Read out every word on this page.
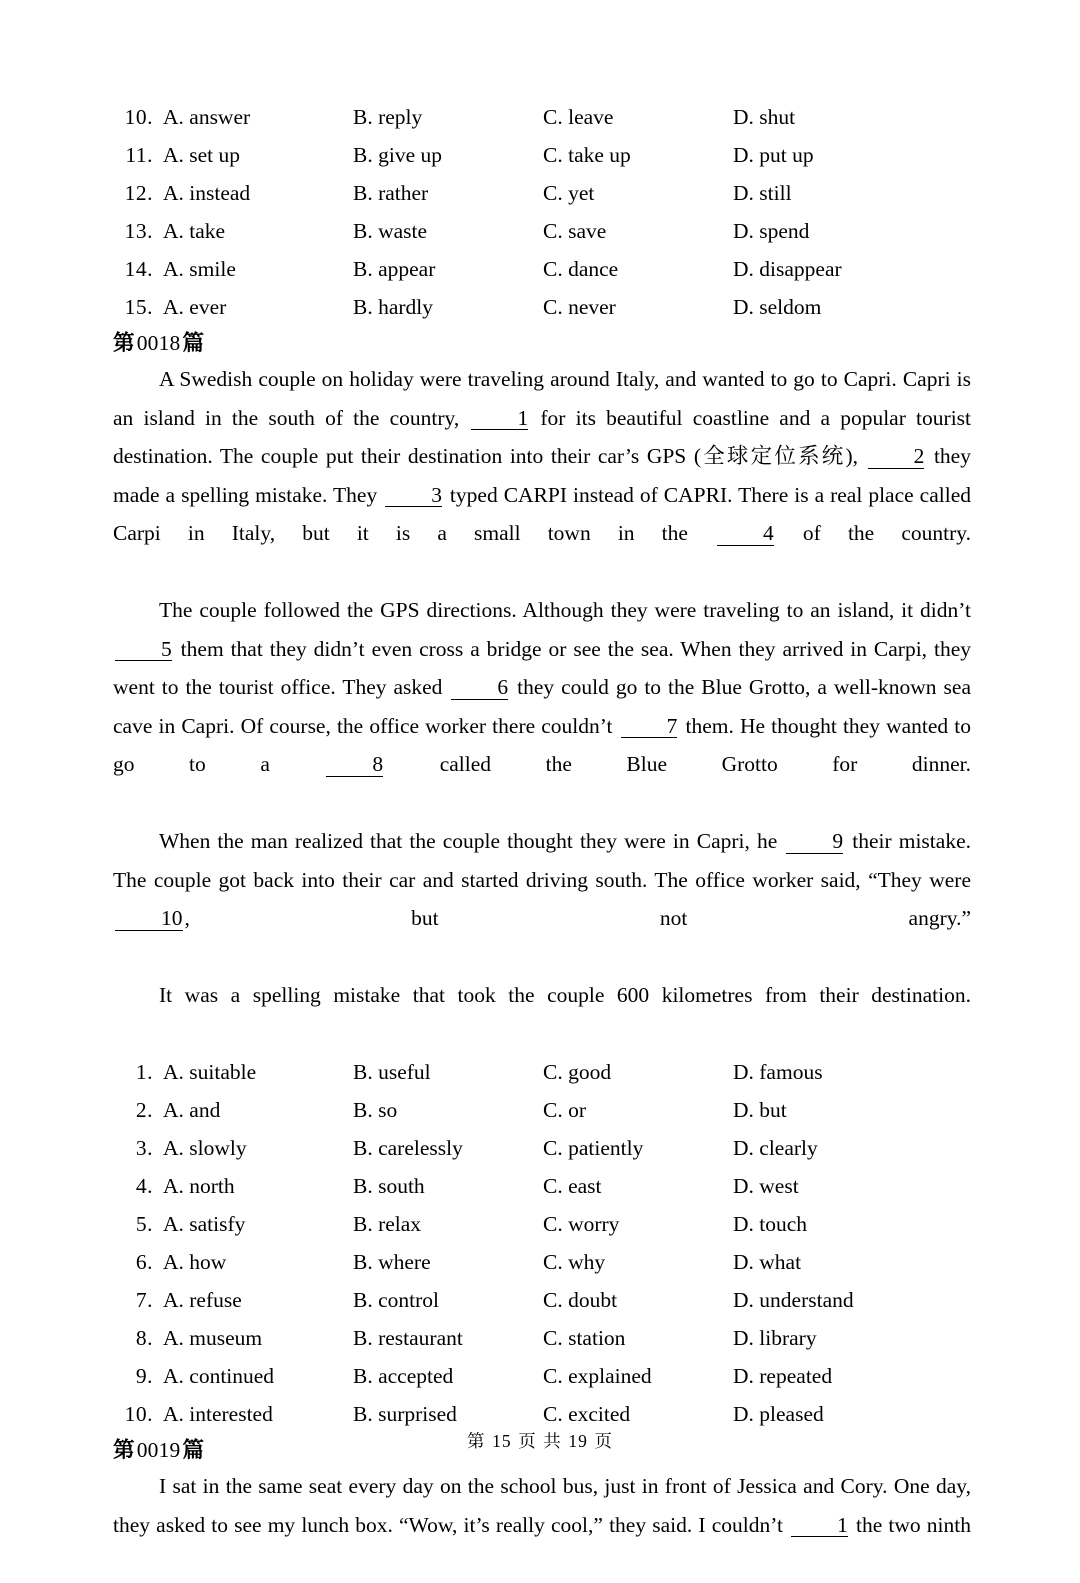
10. A. answer	B. reply	C. leave	D. shut
11. A. set up	B. give up	C. take up	D. put up
12. A. instead	B. rather	C. yet	D. still
13. A. take	B. waste	C. save	D. spend
14. A. smile	B. appear	C. dance	D. disappear
15. A. ever	B. hardly	C. never	D. seldom
第0018篇

A Swedish couple on holiday were traveling around Italy, and wanted to go to Capri. Capri is an island in the south of the country, 1 for its beautiful coastline and a popular tourist destination. The couple put their destination into their car’s GPS (全球定位系统), 2 they made a spelling mistake. They 3 typed CARPI instead of CAPRI. There is a real place called Carpi in Italy, but it is a small town in the 4 of the country.

The couple followed the GPS directions. Although they were traveling to an island, it didn’t 5 them that they didn’t even cross a bridge or see the sea. When they arrived in Carpi, they went to the tourist office. They asked 6 they could go to the Blue Grotto, a well-known sea cave in Capri. Of course, the office worker there couldn’t 7 them. He thought they wanted to go to a 8 called the Blue Grotto for dinner.

When the man realized that the couple thought they were in Capri, he 9 their mistake. The couple got back into their car and started driving south. The office worker said, “They were 10, but not angry.”

It was a spelling mistake that took the couple 600 kilometres from their destination.

1. A. suitable	B. useful	C. good	D. famous
2. A. and	B. so	C. or	D. but
3. A. slowly	B. carelessly	C. patiently	D. clearly
4. A. north	B. south	C. east	D. west
5. A. satisfy	B. relax	C. worry	D. touch
6. A. how	B. where	C. why	D. what
7. A. refuse	B. control	C. doubt	D. understand
8. A. museum	B. restaurant	C. station	D. library
9. A. continued	B. accepted	C. explained	D. repeated
10. A. interested	B. surprised	C. excited	D. pleased
第0019篇

I sat in the same seat every day on the school bus, just in front of Jessica and Cory. One day, they asked to see my lunch box. “Wow, it’s really cool,” they said. I couldn’t 1 the two ninth

第 15 页 共 19 页
